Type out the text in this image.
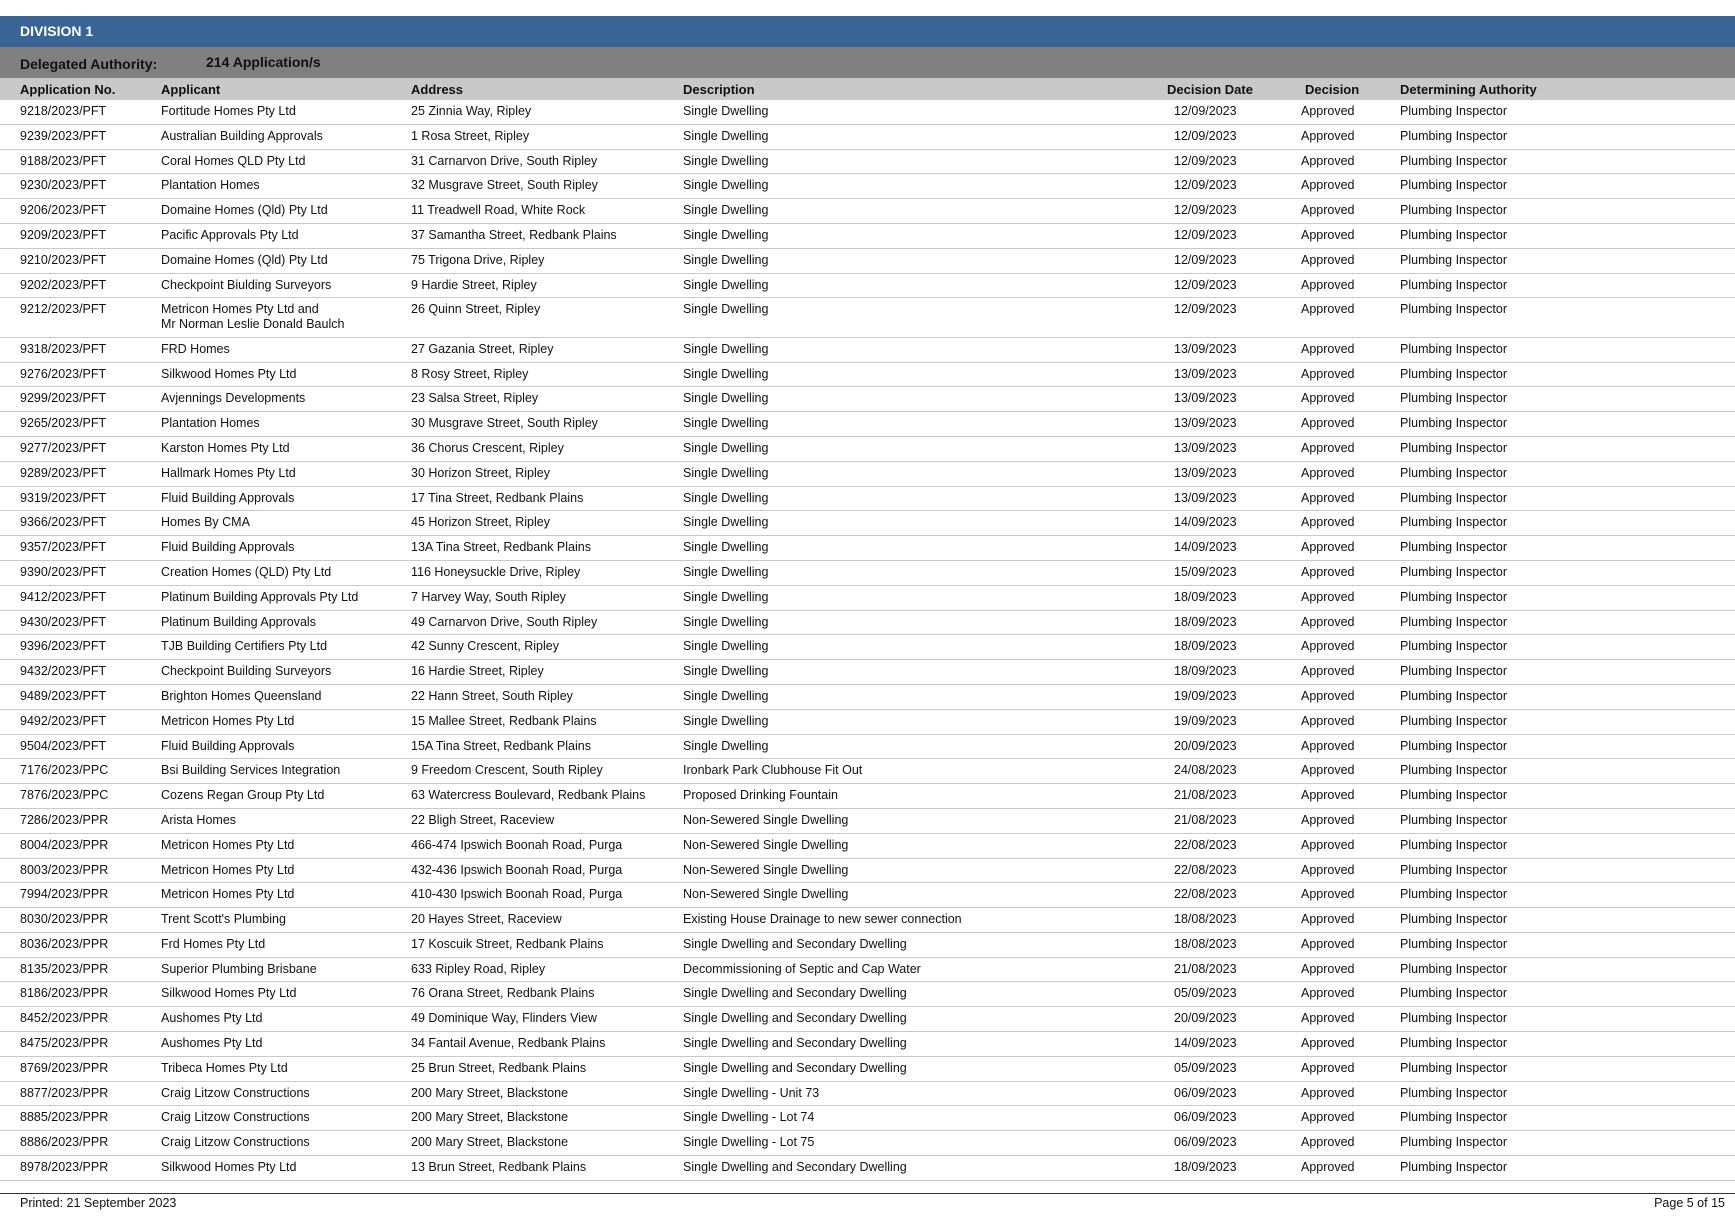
DIVISION 1
Delegated Authority:	214 Application/s
Application No.	Applicant	Address	Description	Decision Date	Decision	Determining Authority
9218/2023/PFT	Fortitude Homes Pty Ltd	25 Zinnia Way, Ripley	Single Dwelling	12/09/2023	Approved	Plumbing Inspector
9239/2023/PFT	Australian Building Approvals	1 Rosa Street, Ripley	Single Dwelling	12/09/2023	Approved	Plumbing Inspector
9188/2023/PFT	Coral Homes QLD Pty Ltd	31 Carnarvon Drive, South Ripley	Single Dwelling	12/09/2023	Approved	Plumbing Inspector
9230/2023/PFT	Plantation Homes	32 Musgrave Street, South Ripley	Single Dwelling	12/09/2023	Approved	Plumbing Inspector
9206/2023/PFT	Domaine Homes (Qld) Pty Ltd	11 Treadwell Road, White Rock	Single Dwelling	12/09/2023	Approved	Plumbing Inspector
9209/2023/PFT	Pacific Approvals Pty Ltd	37 Samantha Street, Redbank Plains	Single Dwelling	12/09/2023	Approved	Plumbing Inspector
9210/2023/PFT	Domaine Homes (Qld) Pty Ltd	75 Trigona Drive, Ripley	Single Dwelling	12/09/2023	Approved	Plumbing Inspector
9202/2023/PFT	Checkpoint Biulding Surveyors	9 Hardie Street, Ripley	Single Dwelling	12/09/2023	Approved	Plumbing Inspector
9212/2023/PFT	Metricon Homes Pty Ltd and	26 Quinn Street, Ripley	Single Dwelling	12/09/2023	Approved	Plumbing Inspector
Mr Norman Leslie Donald Baulch
9318/2023/PFT	FRD Homes	27 Gazania Street, Ripley	Single Dwelling	13/09/2023	Approved	Plumbing Inspector
9276/2023/PFT	Silkwood Homes Pty Ltd	8 Rosy Street, Ripley	Single Dwelling	13/09/2023	Approved	Plumbing Inspector
9299/2023/PFT	Avjennings Developments	23 Salsa Street, Ripley	Single Dwelling	13/09/2023	Approved	Plumbing Inspector
9265/2023/PFT	Plantation Homes	30 Musgrave Street, South Ripley	Single Dwelling	13/09/2023	Approved	Plumbing Inspector
9277/2023/PFT	Karston Homes Pty Ltd	36 Chorus Crescent, Ripley	Single Dwelling	13/09/2023	Approved	Plumbing Inspector
9289/2023/PFT	Hallmark Homes Pty Ltd	30 Horizon Street, Ripley	Single Dwelling	13/09/2023	Approved	Plumbing Inspector
9319/2023/PFT	Fluid Building Approvals	17 Tina Street, Redbank Plains	Single Dwelling	13/09/2023	Approved	Plumbing Inspector
9366/2023/PFT	Homes By CMA	45 Horizon Street, Ripley	Single Dwelling	14/09/2023	Approved	Plumbing Inspector
9357/2023/PFT	Fluid Building Approvals	13A Tina Street, Redbank Plains	Single Dwelling	14/09/2023	Approved	Plumbing Inspector
9390/2023/PFT	Creation Homes (QLD) Pty Ltd	116 Honeysuckle Drive, Ripley	Single Dwelling	15/09/2023	Approved	Plumbing Inspector
9412/2023/PFT	Platinum Building Approvals Pty Ltd	7 Harvey Way, South Ripley	Single Dwelling	18/09/2023	Approved	Plumbing Inspector
9430/2023/PFT	Platinum Building Approvals	49 Carnarvon Drive, South Ripley	Single Dwelling	18/09/2023	Approved	Plumbing Inspector
9396/2023/PFT	TJB Building Certifiers Pty Ltd	42 Sunny Crescent, Ripley	Single Dwelling	18/09/2023	Approved	Plumbing Inspector
9432/2023/PFT	Checkpoint Building Surveyors	16 Hardie Street, Ripley	Single Dwelling	18/09/2023	Approved	Plumbing Inspector
9489/2023/PFT	Brighton Homes Queensland	22 Hann Street, South Ripley	Single Dwelling	19/09/2023	Approved	Plumbing Inspector
9492/2023/PFT	Metricon Homes Pty Ltd	15 Mallee Street, Redbank Plains	Single Dwelling	19/09/2023	Approved	Plumbing Inspector
9504/2023/PFT	Fluid Building Approvals	15A Tina Street, Redbank Plains	Single Dwelling	20/09/2023	Approved	Plumbing Inspector
7176/2023/PPC	Bsi Building Services Integration	9 Freedom Crescent, South Ripley	Ironbark Park Clubhouse Fit Out	24/08/2023	Approved	Plumbing Inspector
7876/2023/PPC	Cozens Regan Group Pty Ltd	63 Watercress Boulevard, Redbank Plains	Proposed Drinking Fountain	21/08/2023	Approved	Plumbing Inspector
7286/2023/PPR	Arista Homes	22 Bligh Street, Raceview	Non-Sewered Single Dwelling	21/08/2023	Approved	Plumbing Inspector
8004/2023/PPR	Metricon Homes Pty Ltd	466-474 Ipswich Boonah Road, Purga	Non-Sewered Single Dwelling	22/08/2023	Approved	Plumbing Inspector
8003/2023/PPR	Metricon Homes Pty Ltd	432-436 Ipswich Boonah Road, Purga	Non-Sewered Single Dwelling	22/08/2023	Approved	Plumbing Inspector
7994/2023/PPR	Metricon Homes Pty Ltd	410-430 Ipswich Boonah Road, Purga	Non-Sewered Single Dwelling	22/08/2023	Approved	Plumbing Inspector
8030/2023/PPR	Trent Scott's Plumbing	20 Hayes Street, Raceview	Existing House Drainage to new sewer connection	18/08/2023	Approved	Plumbing Inspector
8036/2023/PPR	Frd Homes Pty Ltd	17 Koscuik Street, Redbank Plains	Single Dwelling and Secondary Dwelling	18/08/2023	Approved	Plumbing Inspector
8135/2023/PPR	Superior Plumbing Brisbane	633 Ripley Road, Ripley	Decommissioning of Septic and Cap Water	21/08/2023	Approved	Plumbing Inspector
8186/2023/PPR	Silkwood Homes Pty Ltd	76 Orana Street, Redbank Plains	Single Dwelling and Secondary Dwelling	05/09/2023	Approved	Plumbing Inspector
8452/2023/PPR	Aushomes Pty Ltd	49 Dominique Way, Flinders View	Single Dwelling and Secondary Dwelling	20/09/2023	Approved	Plumbing Inspector
8475/2023/PPR	Aushomes Pty Ltd	34 Fantail Avenue, Redbank Plains	Single Dwelling and Secondary Dwelling	14/09/2023	Approved	Plumbing Inspector
8769/2023/PPR	Tribeca Homes Pty Ltd	25 Brun Street, Redbank Plains	Single Dwelling and Secondary Dwelling	05/09/2023	Approved	Plumbing Inspector
8877/2023/PPR	Craig Litzow Constructions	200 Mary Street, Blackstone	Single Dwelling - Unit 73	06/09/2023	Approved	Plumbing Inspector
8885/2023/PPR	Craig Litzow Constructions	200 Mary Street, Blackstone	Single Dwelling - Lot 74	06/09/2023	Approved	Plumbing Inspector
8886/2023/PPR	Craig Litzow Constructions	200 Mary Street, Blackstone	Single Dwelling - Lot 75	06/09/2023	Approved	Plumbing Inspector
8978/2023/PPR	Silkwood Homes Pty Ltd	13 Brun Street, Redbank Plains	Single Dwelling and Secondary Dwelling	18/09/2023	Approved	Plumbing Inspector
Printed: 21 September 2023	Page 5 of 15
